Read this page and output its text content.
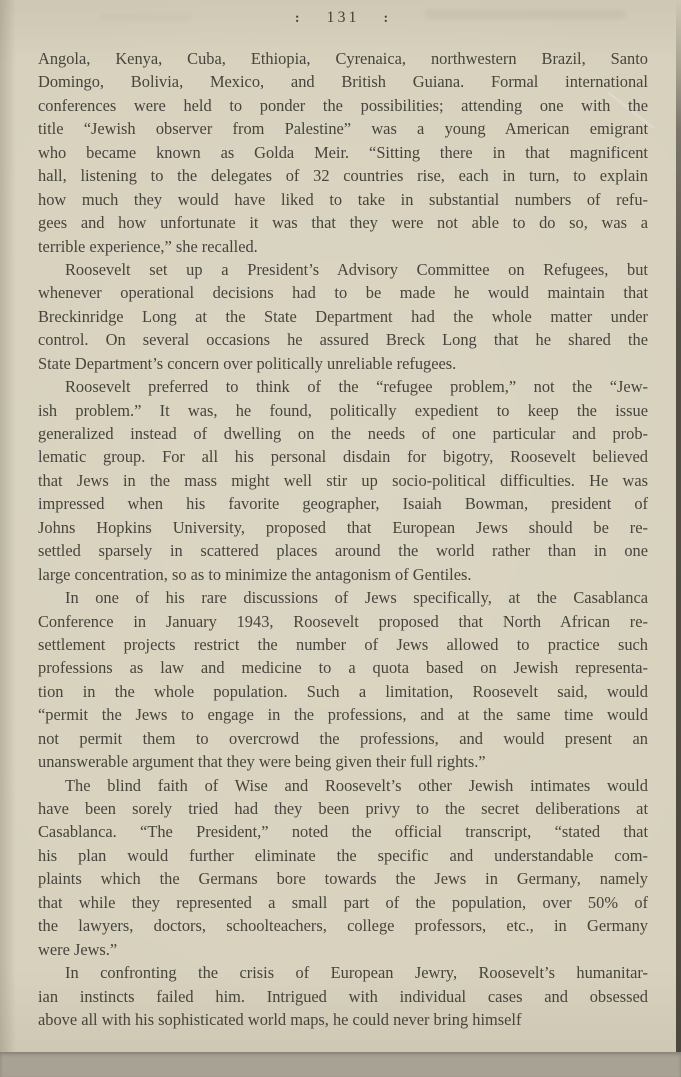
: 131 :
Angola, Kenya, Cuba, Ethiopia, Cyrenaica, northwestern Brazil, Santo
Domingo, Bolivia, Mexico, and British Guiana. Formal international
conferences were held to ponder the possibilities; attending one with the
title “Jewish observer from Palestine” was a young American emigrant
who became known as Golda Meir. “Sitting there in that magnificent
hall, listening to the delegates of 32 countries rise, each in turn, to explain
how much they would have liked to take in substantial numbers of refu-
gees and how unfortunate it was that they were not able to do so, was a
terrible experience,” she recalled.
Roosevelt set up a President’s Advisory Committee on Refugees, but
whenever operational decisions had to be made he would maintain that
Breckinridge Long at the State Department had the whole matter under
control. On several occasions he assured Breck Long that he shared the
State Department’s concern over politically unreliable refugees.
Roosevelt preferred to think of the “refugee problem,” not the “Jew-
ish problem.” It was, he found, politically expedient to keep the issue
generalized instead of dwelling on the needs of one particular and prob-
lematic group. For all his personal disdain for bigotry, Roosevelt believed
that Jews in the mass might well stir up socio-political difficulties. He was
impressed when his favorite geographer, Isaiah Bowman, president of
Johns Hopkins University, proposed that European Jews should be re-
settled sparsely in scattered places around the world rather than in one
large concentration, so as to minimize the antagonism of Gentiles.
In one of his rare discussions of Jews specifically, at the Casablanca
Conference in January 1943, Roosevelt proposed that North African re-
settlement projects restrict the number of Jews allowed to practice such
professions as law and medicine to a quota based on Jewish representa-
tion in the whole population. Such a limitation, Roosevelt said, would
“permit the Jews to engage in the professions, and at the same time would
not permit them to overcrowd the professions, and would present an
unanswerable argument that they were being given their full rights.”
The blind faith of Wise and Roosevelt’s other Jewish intimates would
have been sorely tried had they been privy to the secret deliberations at
Casablanca. “The President,” noted the official transcript, “stated that
his plan would further eliminate the specific and understandable com-
plaints which the Germans bore towards the Jews in Germany, namely
that while they represented a small part of the population, over 50% of
the lawyers, doctors, schoolteachers, college professors, etc., in Germany
were Jews.”
In confronting the crisis of European Jewry, Roosevelt’s humanitar-
ian instincts failed him. Intrigued with individual cases and obsessed
above all with his sophisticated world maps, he could never bring himself
